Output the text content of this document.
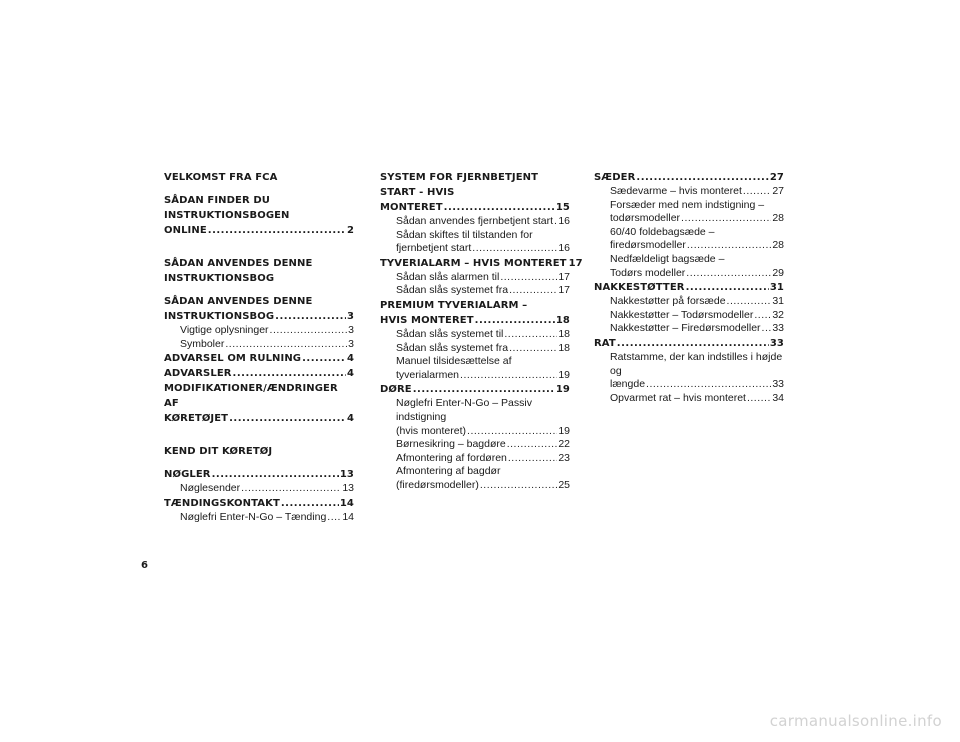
VELKOMST FRA FCA
SÅDAN FINDER DU INSTRUKTIONSBOGEN
ONLINE .....	2
SÅDAN ANVENDES DENNE
INSTRUKTIONSBOG
SÅDAN ANVENDES DENNE
INSTRUKTIONSBOG .....	3
Vigtige oplysninger .....	3
Symboler .....	3
ADVARSEL OM RULNING .....	4
ADVARSLER .....	4
MODIFIKATIONER/ÆNDRINGER AF
KØRETØJET .....	4
KEND DIT KØRETØJ
NØGLER .....	13
Nøglesender .....	13
TÆNDINGSKONTAKT .....	14
Nøglefri Enter-N-Go – Tænding ..... 14
SYSTEM FOR FJERNBETJENT START - HVIS
MONTERET .....	15
Sådan anvendes fjernbetjent start ..... 16
Sådan skiftes til tilstanden for
fjernbetjent start .....	16
TYVERIALARM – HVIS MONTERET 17
Sådan slås alarmen til .....	17
Sådan slås systemet fra .....	17
PREMIUM TYVERIALARM –
HVIS MONTERET .....	18
Sådan slås systemet til .....	18
Sådan slås systemet fra .....	18
Manuel tilsidesættelse af
tyverialarmen .....	19
DØRE .....	19
Nøglefri Enter-N-Go – Passiv indstigning
(hvis monteret) .....	19
Børnesikring – bagdøre .....	22
Afmontering af fordøren .....	23
Afmontering af bagdør
(firedørsmodeller) .....	25
SÆDER .....	27
Sædevarme – hvis monteret .....	27
Forsæder med nem indstigning –
todørsmodeller .....	28
60/40 foldebagsæde –
firedørsmodeller .....	28
Nedfældeligt bagsæde –
Todørs modeller .....	29
NAKKESTØTTER .....	31
Nakkestøtter på forsæde .....	31
Nakkestøtter – Todørsmodeller ..... 32
Nakkestøtter – Firedørsmodeller ..... 33
RAT .....	33
Ratstamme, der kan indstilles i højde og
længde .....	33
Opvarmet rat – hvis monteret .....	34
6
carmanualsonline.info
